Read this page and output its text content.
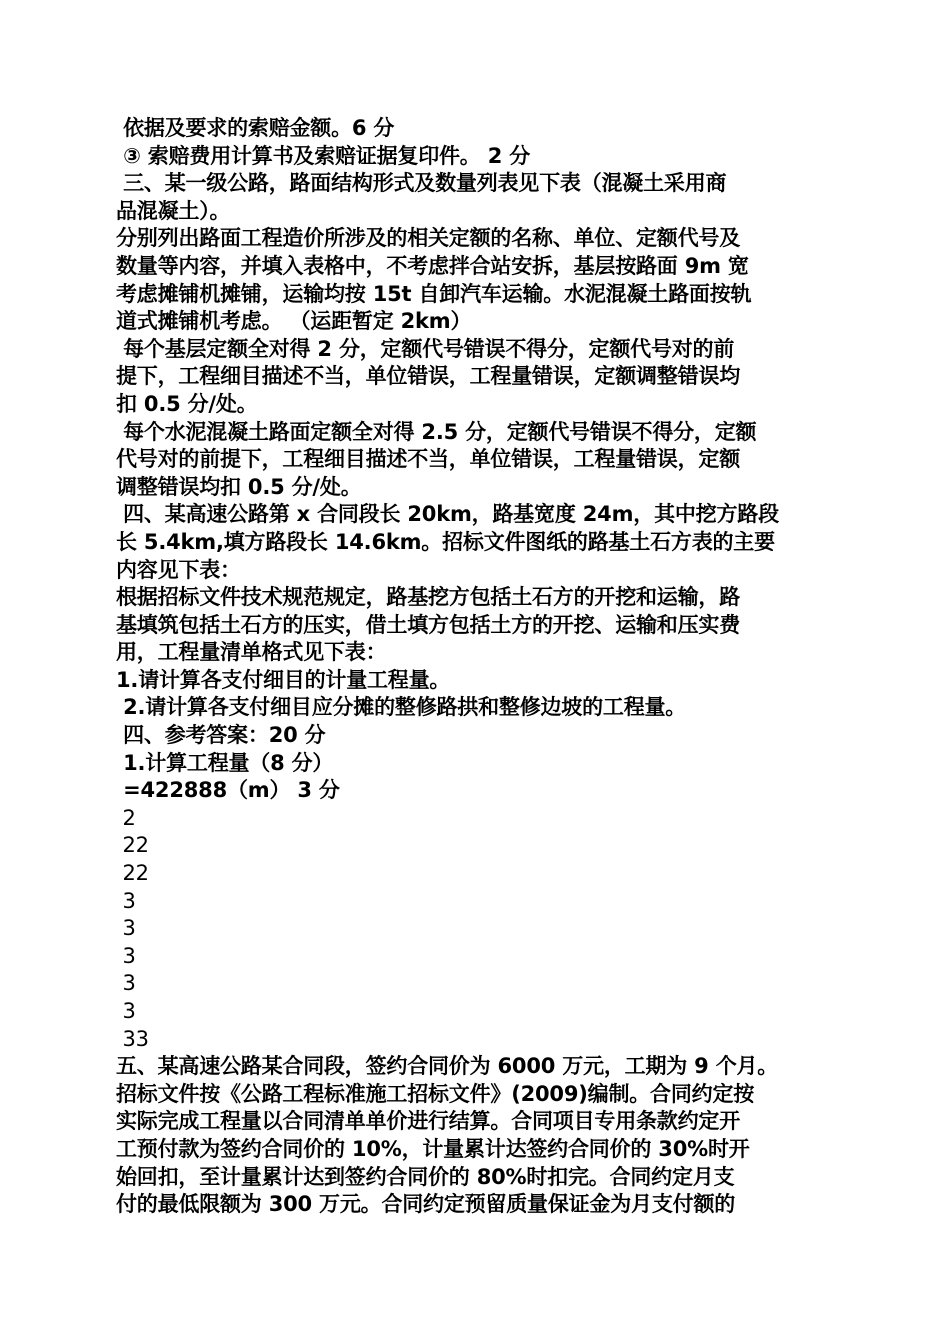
依据及要求的索赔金额。6 分
③ 索赔费用计算书及索赔证据复印件。 2 分
三、某一级公路，路面结构形式及数量列表见下表（混凝土采用商
品混凝土）。
分别列出路面工程造价所涉及的相关定额的名称、单位、定额代号及
数量等内容，并填入表格中，不考虑拌合站安拆，基层按路面 9m 宽
考虑摊铺机摊铺，运输均按 15t 自卸汽车运输。水泥混凝土路面按轨
道式摊铺机考虑。 （运距暂定 2km）
每个基层定额全对得 2 分，定额代号错误不得分，定额代号对的前
提下，工程细目描述不当，单位错误，工程量错误，定额调整错误均
扣 0.5 分/处。
每个水泥混凝土路面定额全对得 2.5 分，定额代号错误不得分，定额
代号对的前提下，工程细目描述不当，单位错误，工程量错误，定额
调整错误均扣 0.5 分/处。
四、某高速公路第 x 合同段长 20km，路基宽度 24m，其中挖方路段
长 5.4km,填方路段长 14.6km。招标文件图纸的路基土石方表的主要
内容见下表：
根据招标文件技术规范规定，路基挖方包括土石方的开挖和运输，路
基填筑包括土石方的压实，借土填方包括土方的开挖、运输和压实费
用，工程量清单格式见下表：
1.请计算各支付细目的计量工程量。
2.请计算各支付细目应分摊的整修路拱和整修边坡的工程量。
四、参考答案：20 分
1.计算工程量（8 分）
=422888（m） 3 分
2
22
22
3
3
3
3
3
33
五、某高速公路某合同段，签约合同价为 6000 万元，工期为 9 个月。
招标文件按《公路工程标准施工招标文件》(2009)编制。合同约定按
实际完成工程量以合同清单单价进行结算。合同项目专用条款约定开
工预付款为签约合同价的 10%，计量累计达签约合同价的 30%时开
始回扣，至计量累计达到签约合同价的 80%时扣完。合同约定月支
付的最低限额为 300 万元。合同约定预留质量保证金为月支付额的
